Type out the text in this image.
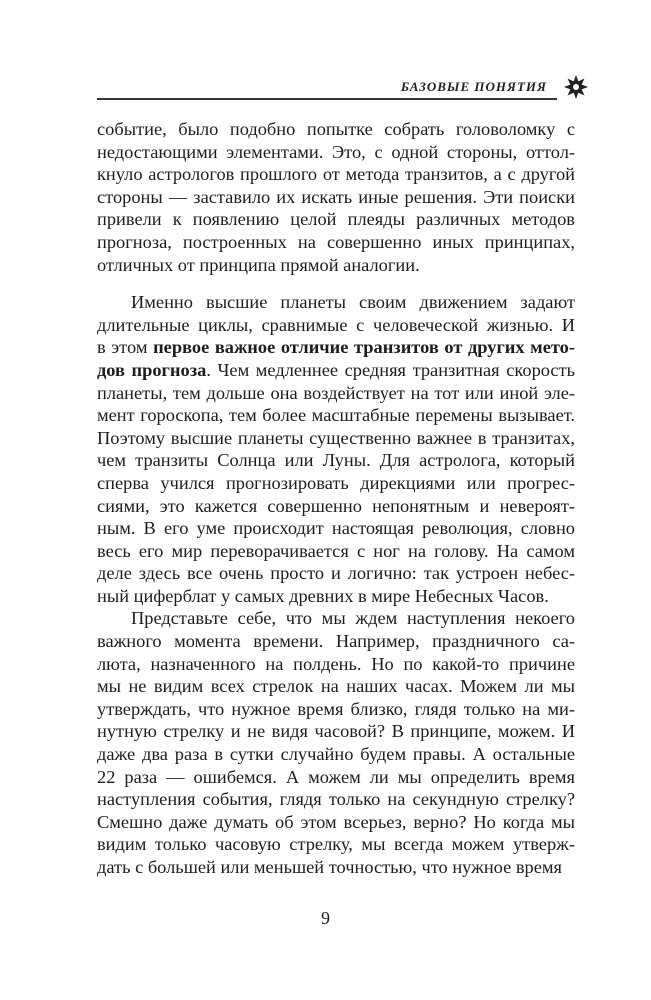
БАЗОВЫЕ ПОНЯТИЯ
событие, было подобно попытке собрать головоломку с
недостающими элементами. Это, с одной стороны, оттол-
кнуло астрологов прошлого от метода транзитов, а с другой
стороны — заставило их искать иные решения. Эти поиски
привели к появлению целой плеяды различных методов
прогноза, построенных на совершенно иных принципах,
отличных от принципа прямой аналогии.
Именно высшие планеты своим движением задают
длительные циклы, сравнимые с человеческой жизнью. И
в этом первое важное отличие транзитов от других мето-
дов прогноза. Чем медленнее средняя транзитная скорость
планеты, тем дольше она воздействует на тот или иной эле-
мент гороскопа, тем более масштабные перемены вызывает.
Поэтому высшие планеты существенно важнее в транзитах,
чем транзиты Солнца или Луны. Для астролога, который
сперва учился прогнозировать дирекциями или прогрес-
сиями, это кажется совершенно непонятным и невероят-
ным. В его уме происходит настоящая революция, словно
весь его мир переворачивается с ног на голову. На самом
деле здесь все очень просто и логично: так устроен небес-
ный циферблат у самых древних в мире Небесных Часов.
Представьте себе, что мы ждем наступления некоего
важного момента времени. Например, праздничного са-
люта, назначенного на полдень. Но по какой-то причине
мы не видим всех стрелок на наших часах. Можем ли мы
утверждать, что нужное время близко, глядя только на ми-
нутную стрелку и не видя часовой? В принципе, можем. И
даже два раза в сутки случайно будем правы. А остальные
22 раза — ошибемся. А можем ли мы определить время
наступления события, глядя только на секундную стрелку?
Смешно даже думать об этом всерьез, верно? Но когда мы
видим только часовую стрелку, мы всегда можем утверж-
дать с большей или меньшей точностью, что нужное время
9
